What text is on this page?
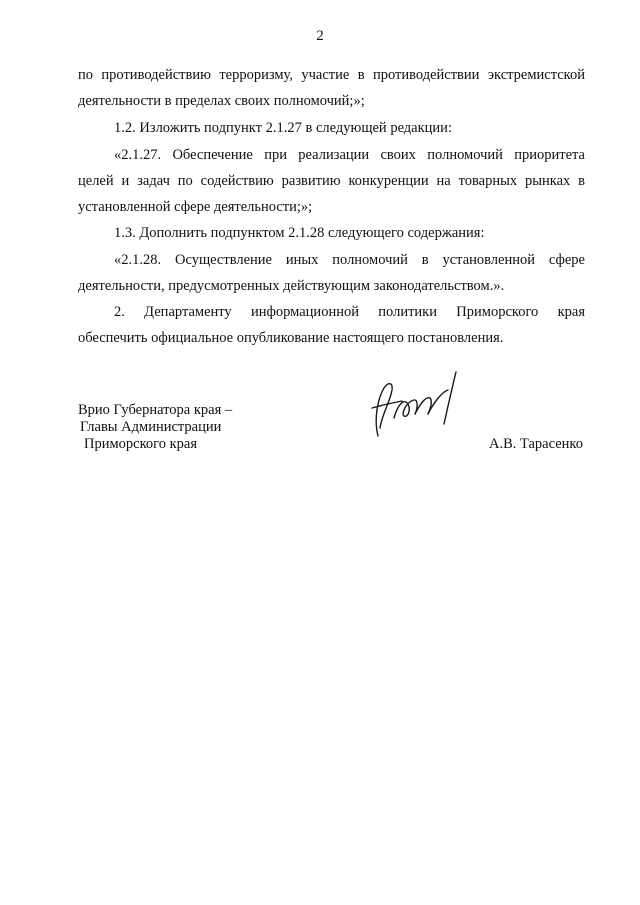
2
по противодействию терроризму, участие в противодействии экстремистской
деятельности в пределах своих полномочий;»;
1.2. Изложить подпункт 2.1.27 в следующей редакции:
«2.1.27. Обеспечение при реализации своих полномочий приоритета
целей и задач по содействию развитию конкуренции на товарных рынках в
установленной сфере деятельности;»;
1.3. Дополнить подпунктом 2.1.28 следующего содержания:
«2.1.28. Осуществление иных полномочий в установленной сфере
деятельности, предусмотренных действующим законодательством.».
2. Департаменту информационной политики Приморского края
обеспечить официальное опубликование настоящего постановления.
Врио Губернатора края –
Главы Администрации
Приморского края	А.В. Тарасенко
